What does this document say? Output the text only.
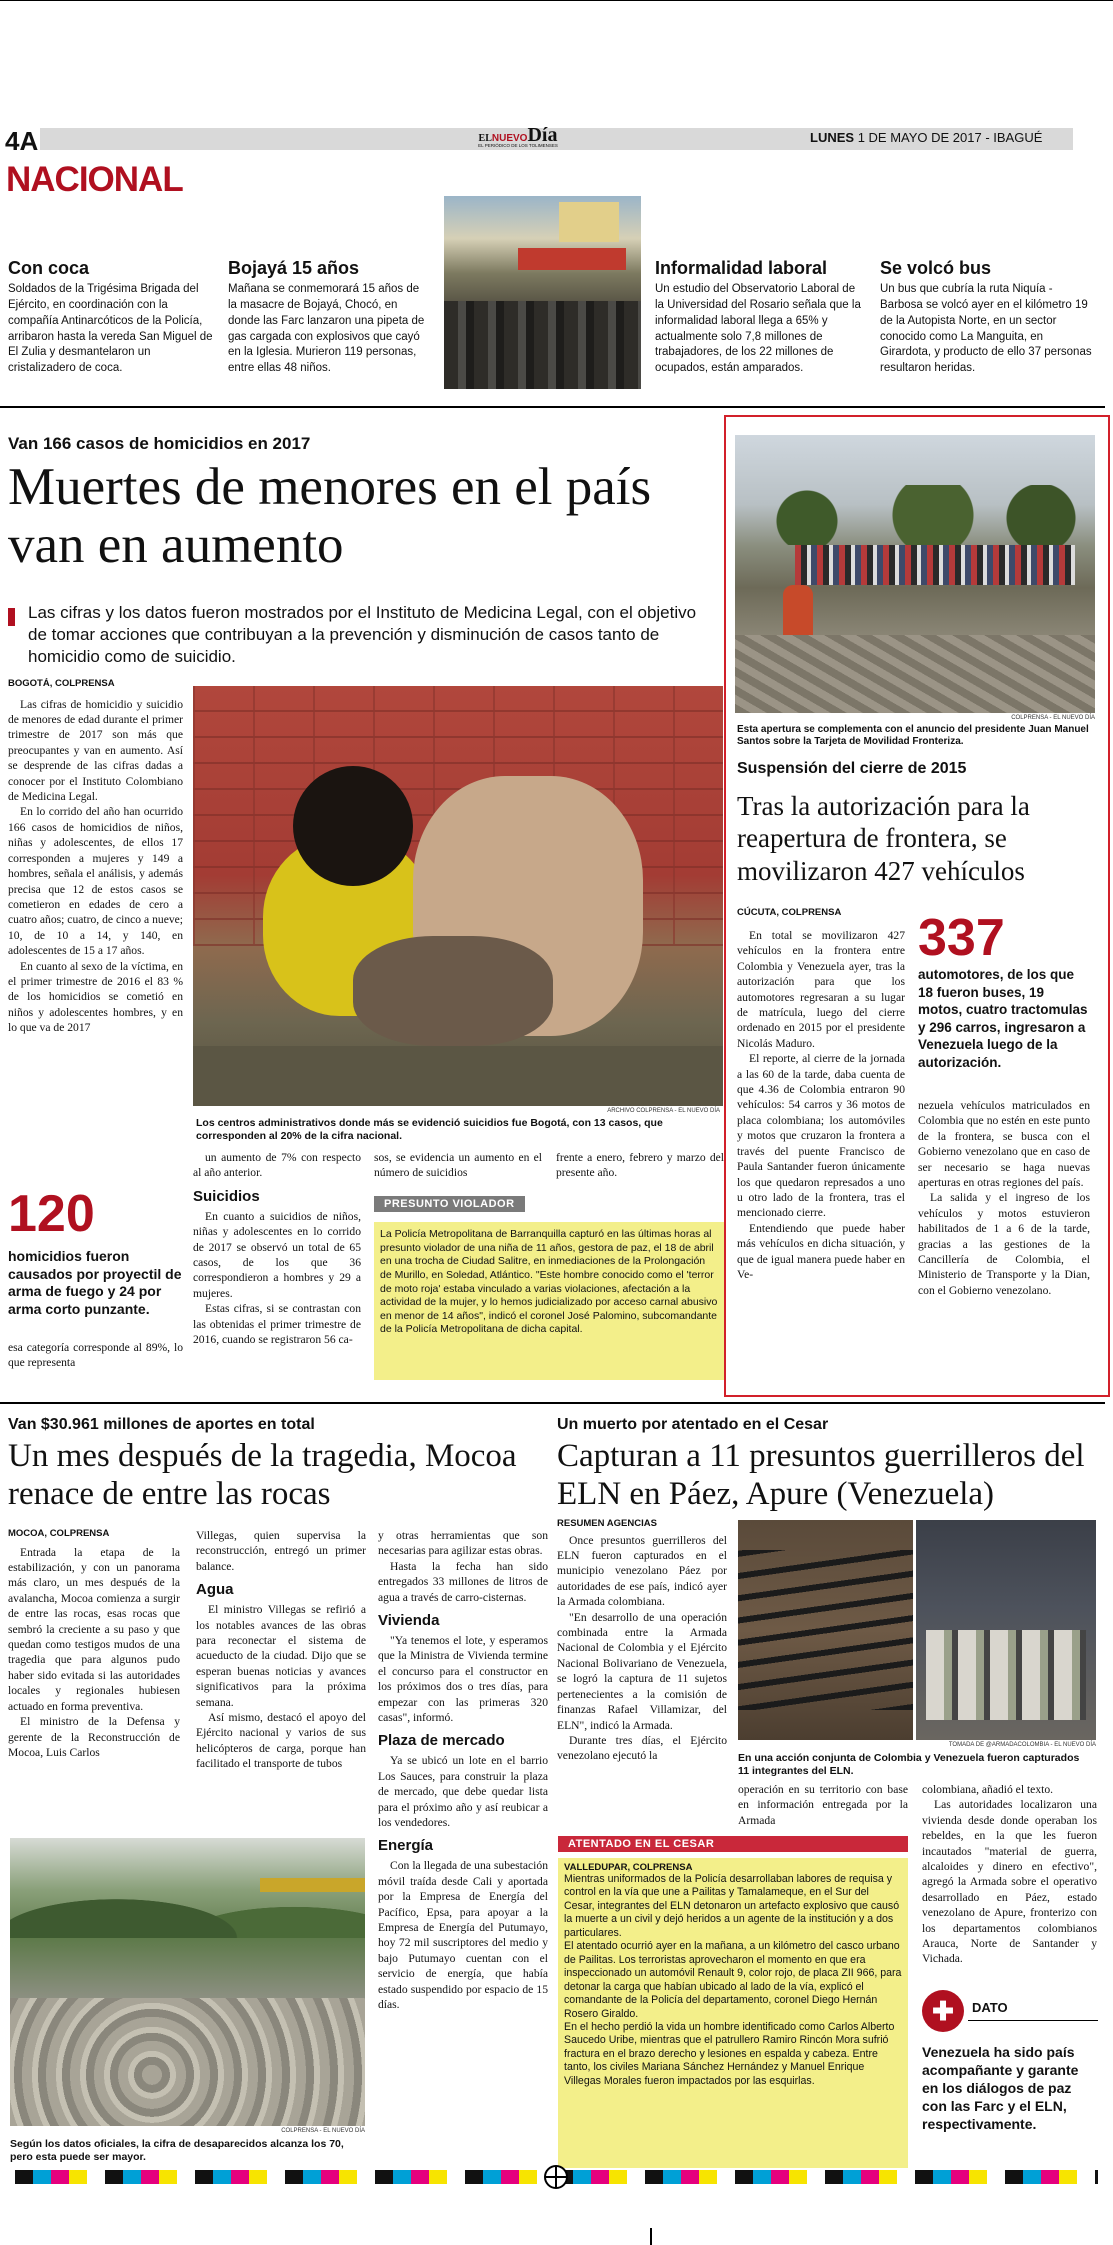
4A	ELNUEVODía
EL PERIÓDICO DE LOS TOLIMENSES
LUNES 1 DE MAYO DE 2017 - IBAGUÉ
NACIONAL
Con coca
Soldados de la Trigésima Brigada del Ejército, en coordinación con la compañía Antinarcóticos de la Policía, arribaron hasta la vereda San Miguel de El Zulia y desmantelaron un cristalizadero de coca.
Bojayá 15 años
Mañana se conmemorará 15 años de la masacre de Bojayá, Chocó, en donde las Farc lanzaron una pipeta de gas cargada con explosivos que cayó en la Iglesia. Murieron 119 personas, entre ellas 48 niños.
Informalidad laboral
Un estudio del Observatorio Laboral de la Universidad del Rosario señala que la informalidad laboral llega a 65% y actualmente solo 7,8 millones de trabajadores, de los 22 millones de ocupados, están amparados.
Se volcó bus
Un bus que cubría la ruta Niquía - Barbosa se volcó ayer en el kilómetro 19 de la Autopista Norte, en un sector conocido como La Manguita, en Girardota, y producto de ello 37 personas resultaron heridas.
Van 166 casos de homicidios en 2017
Muertes de menores en el país van en aumento
Las cifras y los datos fueron mostrados por el Instituto de Medicina Legal, con el objetivo de tomar acciones que contribuyan a la prevención y disminución de casos tanto de homicidio como de suicidio.
BOGOTÁ, COLPRENSA

Las cifras de homicidio y suicidio de menores de edad durante el primer trimestre de 2017 son más que preocupantes y van en aumento. Así se desprende de las cifras dadas a conocer por el Instituto Colombiano de Medicina Legal.

En lo corrido del año han ocurrido 166 casos de homicidios de niños, niñas y adolescentes, de ellos 17 corresponden a mujeres y 149 a hombres, señala el análisis, y además precisa que 12 de estos casos se cometieron en edades de cero a cuatro años; cuatro, de cinco a nueve; 10, de 10 a 14, y 140, en adolescentes de 15 a 17 años.

En cuanto al sexo de la víctima, en el primer trimestre de 2016 el 83 % de los homicidios se cometió en niños y adolescentes hombres, y en lo que va de 2017

ARCHIVO COLPRENSA - EL NUEVO DÍA
Los centros administrativos donde más se evidenció suicidios fue Bogotá, con 13 casos, que corresponden al 20% de la cifra nacional.
120
homicidios fueron causados por proyectil de arma de fuego y 24 por arma corto punzante.

esa categoría corresponde al 89%, lo que representa

un aumento de 7% con respecto al año anterior.

Suicidios

En cuanto a suicidios de niños, niñas y adolescentes en lo corrido de 2017 se observó un total de 65 casos, de los que 36 correspondieron a hombres y 29 a mujeres.

Estas cifras, si se contrastan con las obtenidas el primer trimestre de 2016, cuando se registraron 56 ca-

sos, se evidencia un aumento en el número de suicidios

frente a enero, febrero y marzo del presente año.

PRESUNTO VIOLADOR
La Policía Metropolitana de Barranquilla capturó en las últimas horas al presunto violador de una niña de 11 años, gestora de paz, el 18 de abril en una trocha de Ciudad Salitre, en inmediaciones de la Prolongación de Murillo, en Soledad, Atlántico. "Este hombre conocido como el 'terror de moto roja' estaba vinculado a varias violaciones, afectación a la actividad de la mujer, y lo hemos judicializado por acceso carnal abusivo en menor de 14 años", indicó el coronel José Palomino, subcomandante de la Policía Metropolitana de dicha capital.
COLPRENSA - EL NUEVO DÍA
Esta apertura se complementa con el anuncio del presidente Juan Manuel Santos sobre la Tarjeta de Movilidad Fronteriza.
Suspensión del cierre de 2015
Tras la autorización para la reapertura de frontera, se movilizaron 427 vehículos
CÚCUTA, COLPRENSA

En total se movilizaron 427 vehículos en la frontera entre Colombia y Venezuela ayer, tras la autorización para que los automotores regresaran a su lugar de matrícula, luego del cierre ordenado en 2015 por el presidente Nicolás Maduro.

El reporte, al cierre de la jornada a las 60 de la tarde, daba cuenta de que 4.36 de Colombia entraron 90 vehículos: 54 carros y 36 motos de placa colombiana; los automóviles y motos que cruzaron la frontera a través del puente Francisco de Paula Santander fueron únicamente los que quedaron represados a uno u otro lado de la frontera, tras el mencionado cierre.

Entendiendo que puede haber más vehículos en dicha situación, y que de igual manera puede haber en Ve-

337
automotores, de los que 18 fueron buses, 19 motos, cuatro tractomulas y 296 carros, ingresaron a Venezuela luego de la autorización.

nezuela vehículos matriculados en Colombia que no estén en este punto de la frontera, se busca con el Gobierno venezolano que en caso de ser necesario se haga nuevas aperturas en otras regiones del país.

La salida y el ingreso de los vehículos y motos estuvieron habilitados de 1 a 6 de la tarde, gracias a las gestiones de la Cancillería de Colombia, el Ministerio de Transporte y la Dian, con el Gobierno venezolano.

Van $30.961 millones de aportes en total
Un mes después de la tragedia, Mocoa renace de entre las rocas
MOCOA, COLPRENSA

Entrada la etapa de la estabilización, y con un panorama más claro, un mes después de la avalancha, Mocoa comienza a surgir de entre las rocas, esas rocas que sembró la creciente a su paso y que quedan como testigos mudos de una tragedia que para algunos pudo haber sido evitada si las autoridades locales y regionales hubiesen actuado en forma preventiva.

El ministro de la Defensa y gerente de la Reconstrucción de Mocoa, Luis Carlos

Villegas, quien supervisa la reconstrucción, entregó un primer balance.

Agua

El ministro Villegas se refirió a los notables avances de las obras para reconectar el sistema de acueducto de la ciudad. Dijo que se esperan buenas noticias y avances significativos para la próxima semana.

Así mismo, destacó el apoyo del Ejército nacional y varios de sus helicópteros de carga, porque han facilitado el transporte de tubos

y otras herramientas que son necesarias para agilizar estas obras.

Hasta la fecha han sido entregados 33 millones de litros de agua a través de carro-cisternas.

Vivienda

"Ya tenemos el lote, y esperamos que la Ministra de Vivienda termine el concurso para el constructor en los próximos dos o tres días, para empezar con las primeras 320 casas", informó.

Plaza de mercado

Ya se ubicó un lote en el barrio Los Sauces, para construir la plaza de mercado, que debe quedar lista para el próximo año y así reubicar a los vendedores.

Energía

Con la llegada de una subestación móvil traída desde Cali y aportada por la Empresa de Energía del Pacífico, Epsa, para apoyar a la Empresa de Energía del Putumayo, hoy 72 mil suscriptores del medio y bajo Putumayo cuentan con el servicio de energía, que había estado suspendido por espacio de 15 días.

COLPRENSA - EL NUEVO DÍA
Según los datos oficiales, la cifra de desaparecidos alcanza los 70, pero esta puede ser mayor.
Un muerto por atentado en el Cesar
Capturan a 11 presuntos guerrilleros del ELN en Páez, Apure (Venezuela)
RESUMEN AGENCIAS

Once presuntos guerrilleros del ELN fueron capturados en el municipio venezolano Páez por autoridades de ese país, indicó ayer la Armada colombiana.

"En desarrollo de una operación combinada entre la Armada Nacional de Colombia y el Ejército Nacional Bolivariano de Venezuela, se logró la captura de 11 sujetos pertenecientes a la comisión de finanzas Rafael Villamizar, del ELN", indicó la Armada.

Durante tres días, el Ejército venezolano ejecutó la

TOMADA DE @ARMADACOLOMBIA - EL NUEVO DÍA
En una acción conjunta de Colombia y Venezuela fueron capturados 11 integrantes del ELN.

operación en su territorio con base en información entregada por la Armada

colombiana, añadió el texto.

Las autoridades localizaron una vivienda desde donde operaban los rebeldes, en la que les fueron incautados "material de guerra, alcaloides y dinero en efectivo", agregó la Armada sobre el operativo desarrollado en Páez, estado venezolano de Apure, fronterizo con los departamentos colombianos Arauca, Norte de Santander y Vichada.

ATENTADO EN EL CESAR
VALLEDUPAR, COLPRENSA
Mientras uniformados de la Policía desarrollaban labores de requisa y control en la vía que une a Pailitas y Tamalameque, en el Sur del Cesar, integrantes del ELN detonaron un artefacto explosivo que causó la muerte a un civil y dejó heridos a un agente de la institución y a dos particulares.
El atentado ocurrió ayer en la mañana, a un kilómetro del casco urbano de Pailitas. Los terroristas aprovecharon el momento en que era inspeccionado un automóvil Renault 9, color rojo, de placa ZII 966, para detonar la carga que habían ubicado al lado de la vía, explicó el comandante de la Policía del departamento, coronel Diego Hernán Rosero Giraldo.
En el hecho perdió la vida un hombre identificado como Carlos Alberto Saucedo Uribe, mientras que el patrullero Ramiro Rincón Mora sufrió fractura en el brazo derecho y lesiones en espalda y cabeza. Entre tanto, los civiles Mariana Sánchez Hernández y Manuel Enrique Villegas Morales fueron impactados por las esquirlas.
✚	DATO
Venezuela ha sido país acompañante y garante en los diálogos de paz con las Farc y el ELN, respectivamente.
